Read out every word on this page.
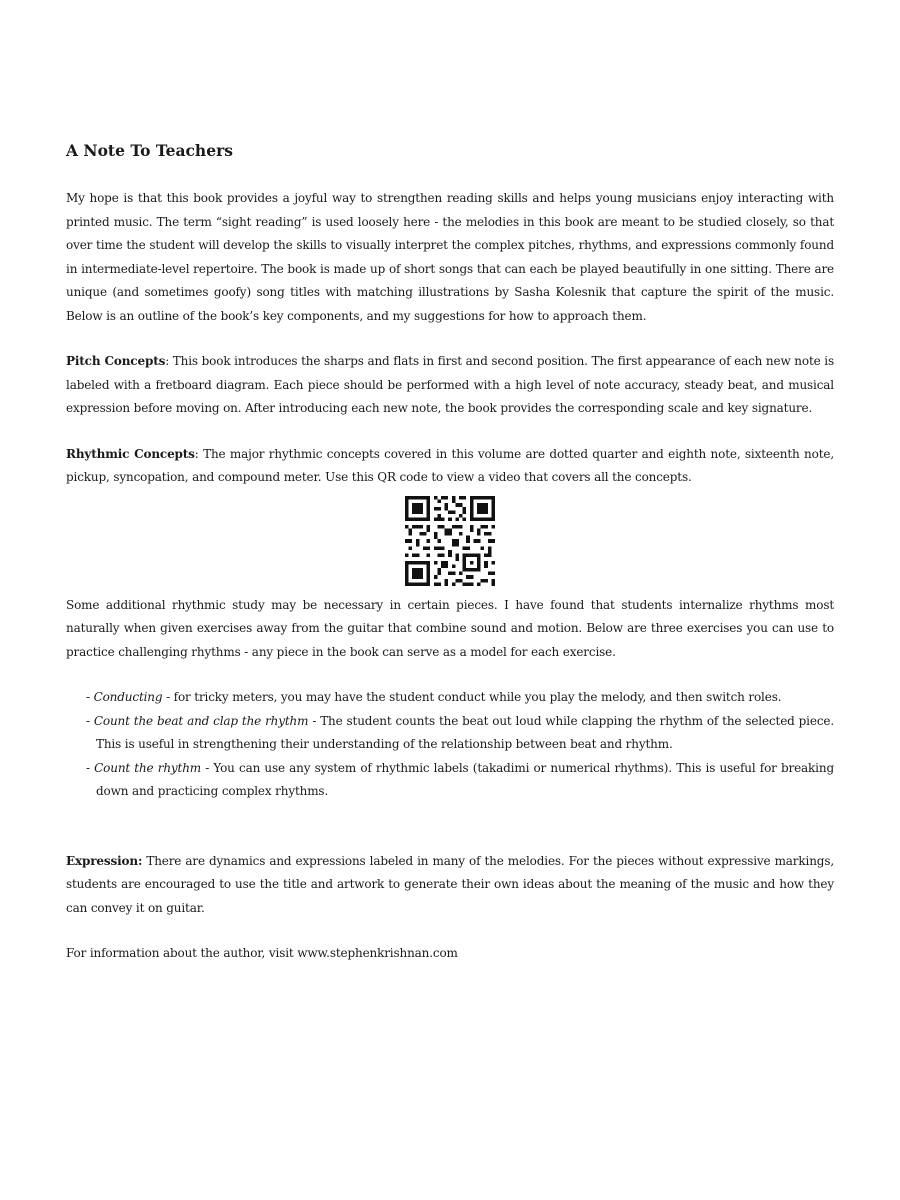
A Note To Teachers

My hope is that this book provides a joyful way to strengthen reading skills and helps young musicians enjoy interacting with printed music. The term “sight reading” is used loosely here - the melodies in this book are meant to be studied closely, so that over time the student will develop the skills to visually interpret the complex pitches, rhythms, and expressions commonly found in intermediate-level repertoire. The book is made up of short songs that can each be played beautifully in one sitting. There are unique (and sometimes goofy) song titles with matching illustrations by Sasha Kolesnik that capture the spirit of the music. Below is an outline of the book’s key components, and my suggestions for how to approach them.

Pitch Concepts: This book introduces the sharps and flats in first and second position. The first appearance of each new note is labeled with a fretboard diagram. Each piece should be performed with a high level of note accuracy, steady beat, and musical expression before moving on. After introducing each new note, the book provides the corresponding scale and key signature.

Rhythmic Concepts: The major rhythmic concepts covered in this volume are dotted quarter and eighth note, sixteenth note, pickup, syncopation, and compound meter. Use this QR code to view a video that covers all the concepts.

Some additional rhythmic study may be necessary in certain pieces. I have found that students internalize rhythms most naturally when given exercises away from the guitar that combine sound and motion. Below are three exercises you can use to practice challenging rhythms - any piece in the book can serve as a model for each exercise.

- Conducting - for tricky meters, you may have the student conduct while you play the melody, and then switch roles.
- Count the beat and clap the rhythm - The student counts the beat out loud while clapping the rhythm of the selected piece. This is useful in strengthening their understanding of the relationship between beat and rhythm.
- Count the rhythm - You can use any system of rhythmic labels (takadimi or numerical rhythms). This is useful for breaking down and practicing complex rhythms.

Expression: There are dynamics and expressions labeled in many of the melodies. For the pieces without expressive markings, students are encouraged to use the title and artwork to generate their own ideas about the meaning of the music and how they can convey it on guitar.

For information about the author, visit www.stephenkrishnan.com
